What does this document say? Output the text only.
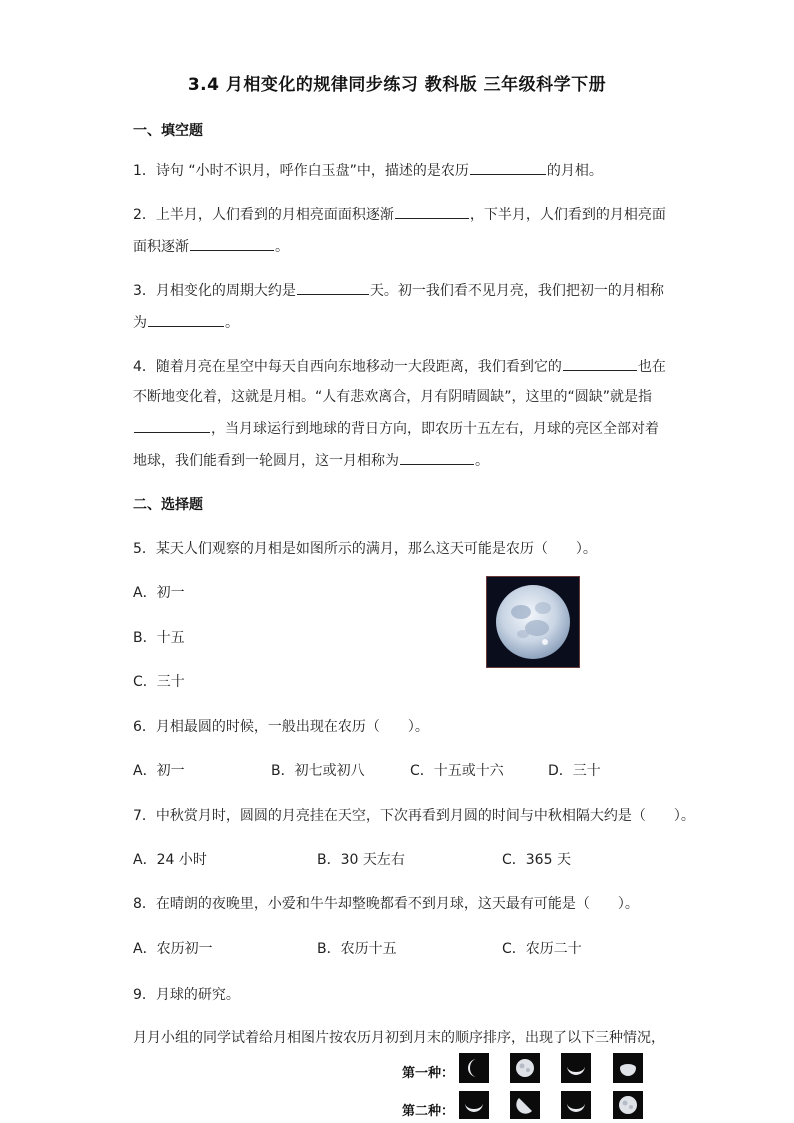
3.4 月相变化的规律同步练习 教科版 三年级科学下册
一、填空题
1．诗句 “小时不识月，呼作白玉盘”中，描述的是农历	的月相。
2．上半月，人们看到的月相亮面面积逐渐	，下半月，人们看到的月相亮面
面积逐渐	。
3．月相变化的周期大约是	天。初一我们看不见月亮，我们把初一的月相称
为	。
4．随着月亮在星空中每天自西向东地移动一大段距离，我们看到它的	也在
不断地变化着，这就是月相。“人有悲欢离合，月有阴晴圆缺”，这里的“圆缺”就是指
，当月球运行到地球的背日方向，即农历十五左右，月球的亮区全部对着
地球，我们能看到一轮圆月，这一月相称为	。
二、选择题
5．某天人们观察的月相是如图所示的满月，那么这天可能是农历（　　）。
A．初一
B．十五
C．三十
6．月相最圆的时候，一般出现在农历（　　）。
A．初一	B．初七或初八	C．十五或十六	D．三十
7．中秋赏月时，圆圆的月亮挂在天空，下次再看到月圆的时间与中秋相隔大约是（　　）。
A．24 小时	B．30 天左右	C．365 天
8．在晴朗的夜晚里，小爱和牛牛却整晚都看不到月球，这天最有可能是（　　）。
A．农历初一	B．农历十五	C．农历二十
9．月球的研究。
月月小组的同学试着给月相图片按农历月初到月末的顺序排序，出现了以下三种情况，
第一种：
第二种：
